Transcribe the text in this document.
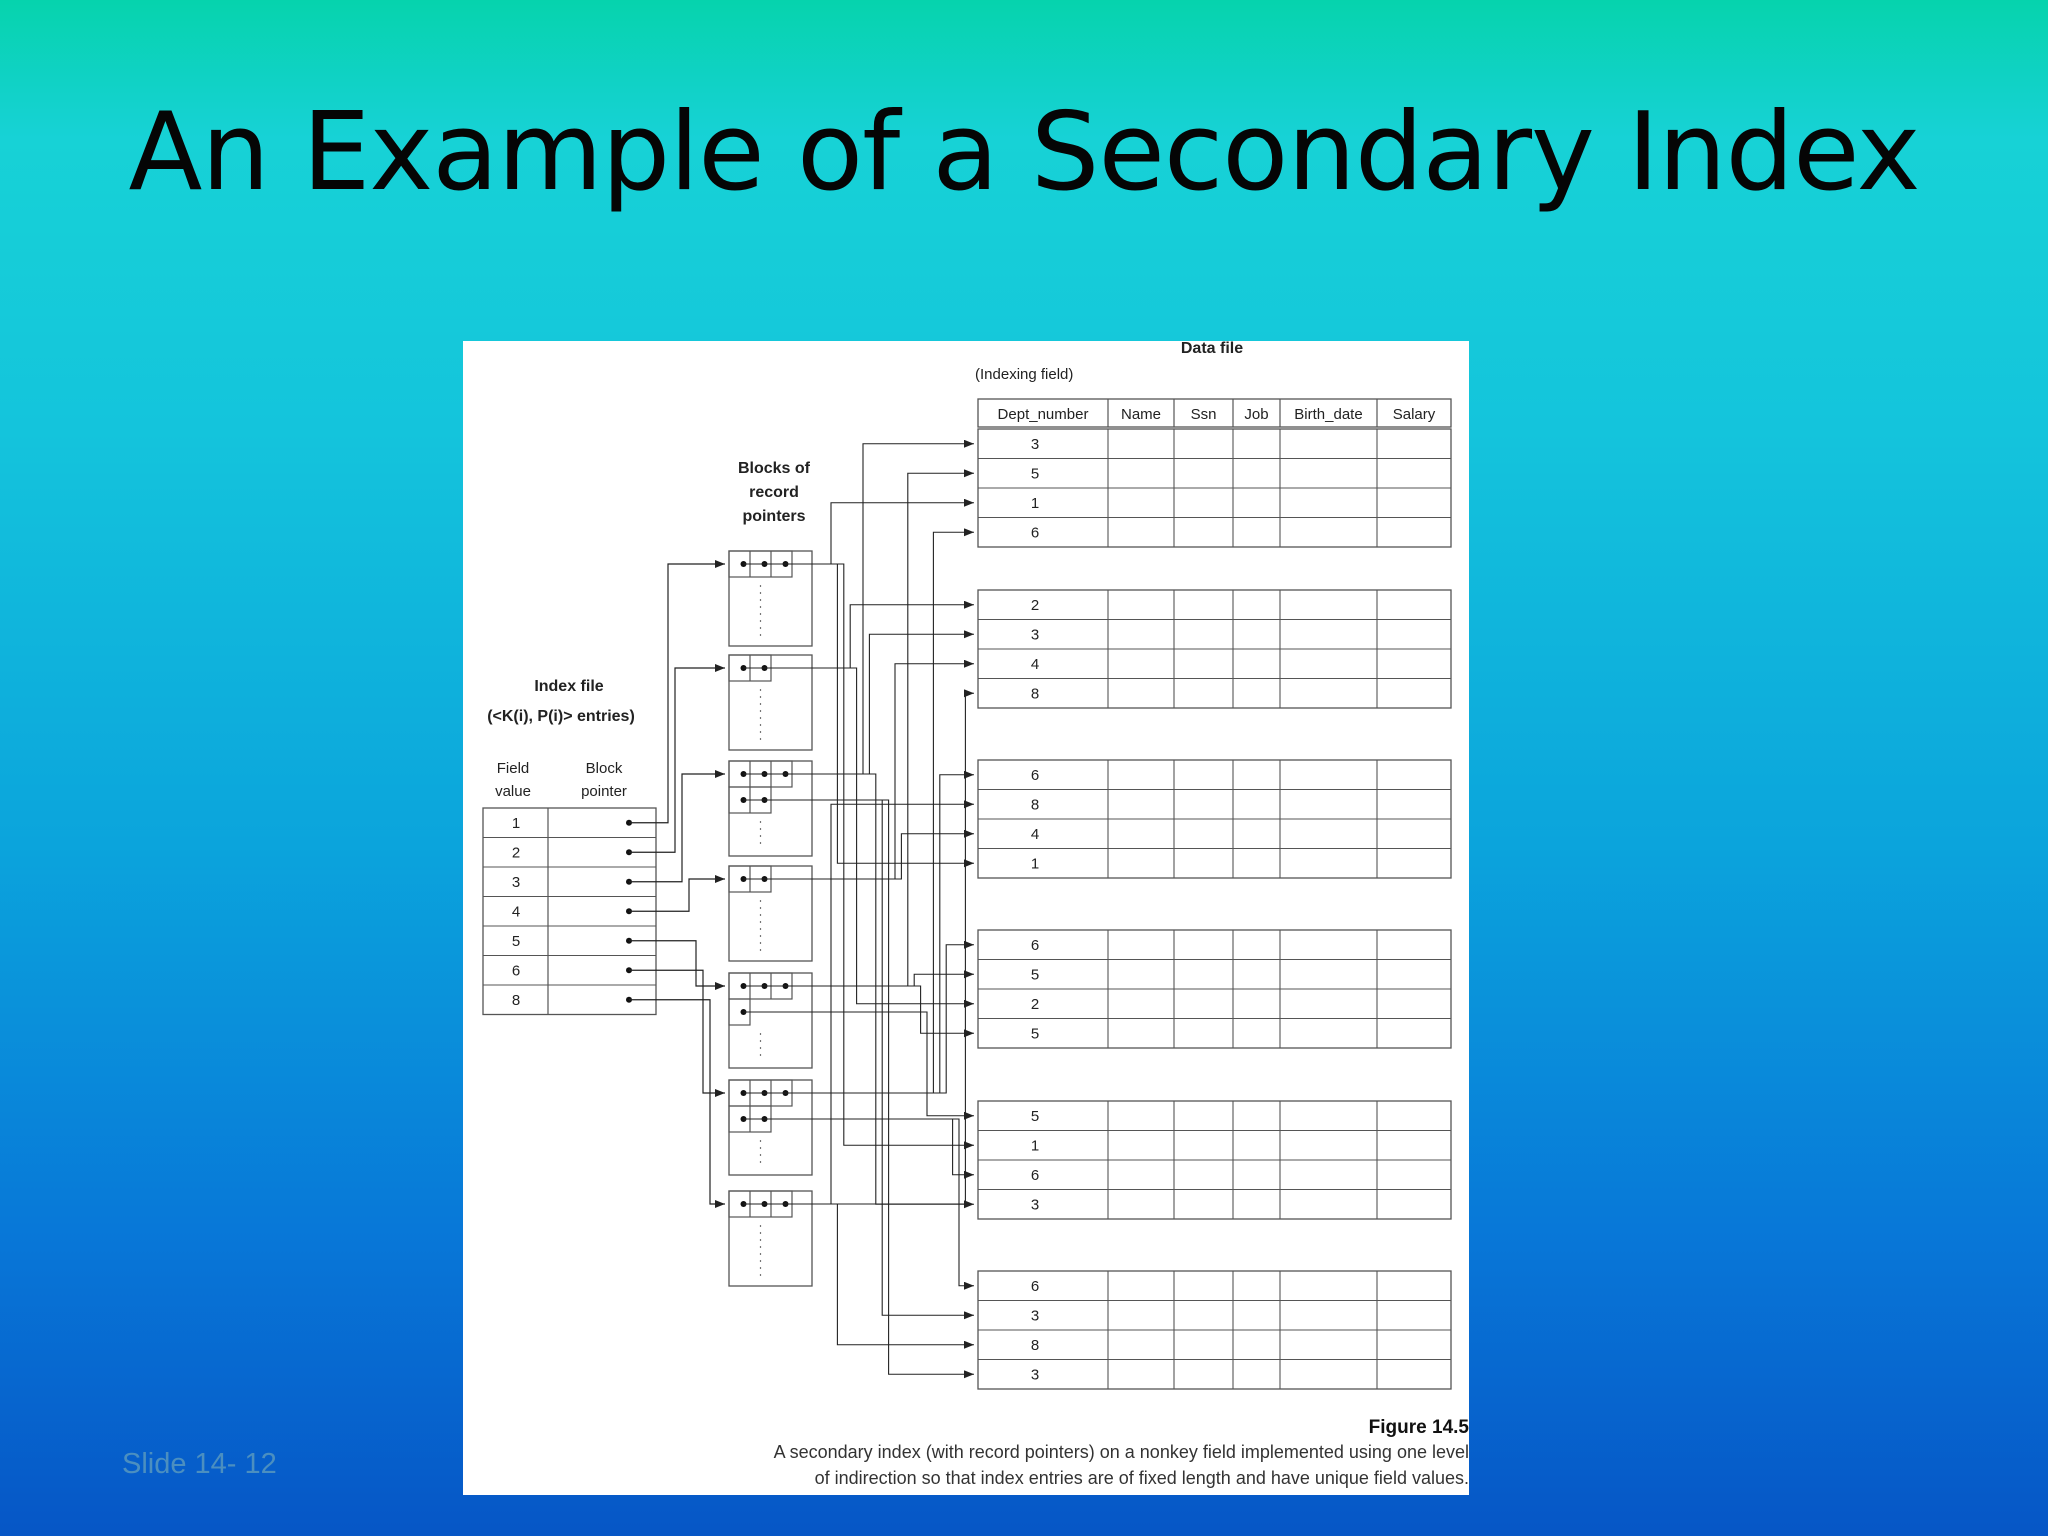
An Example of a Secondary Index
Data file
(Indexing field)
Dept_number Name Ssn Job Birth_date Salary
3
5
1
6
2
3
4
8
6
8
4
1
6
5
2
5
5
1
6
3
6
3
8
3
Index file
(<K(i), P(i)> entries)
Field
value
Block
pointer
1
2
3
4
5
6
8
Blocks of
record
pointers
Figure 14.5
A secondary index (with record pointers) on a nonkey field implemented using one level
of indirection so that index entries are of fixed length and have unique field values.
Slide 14- 12
